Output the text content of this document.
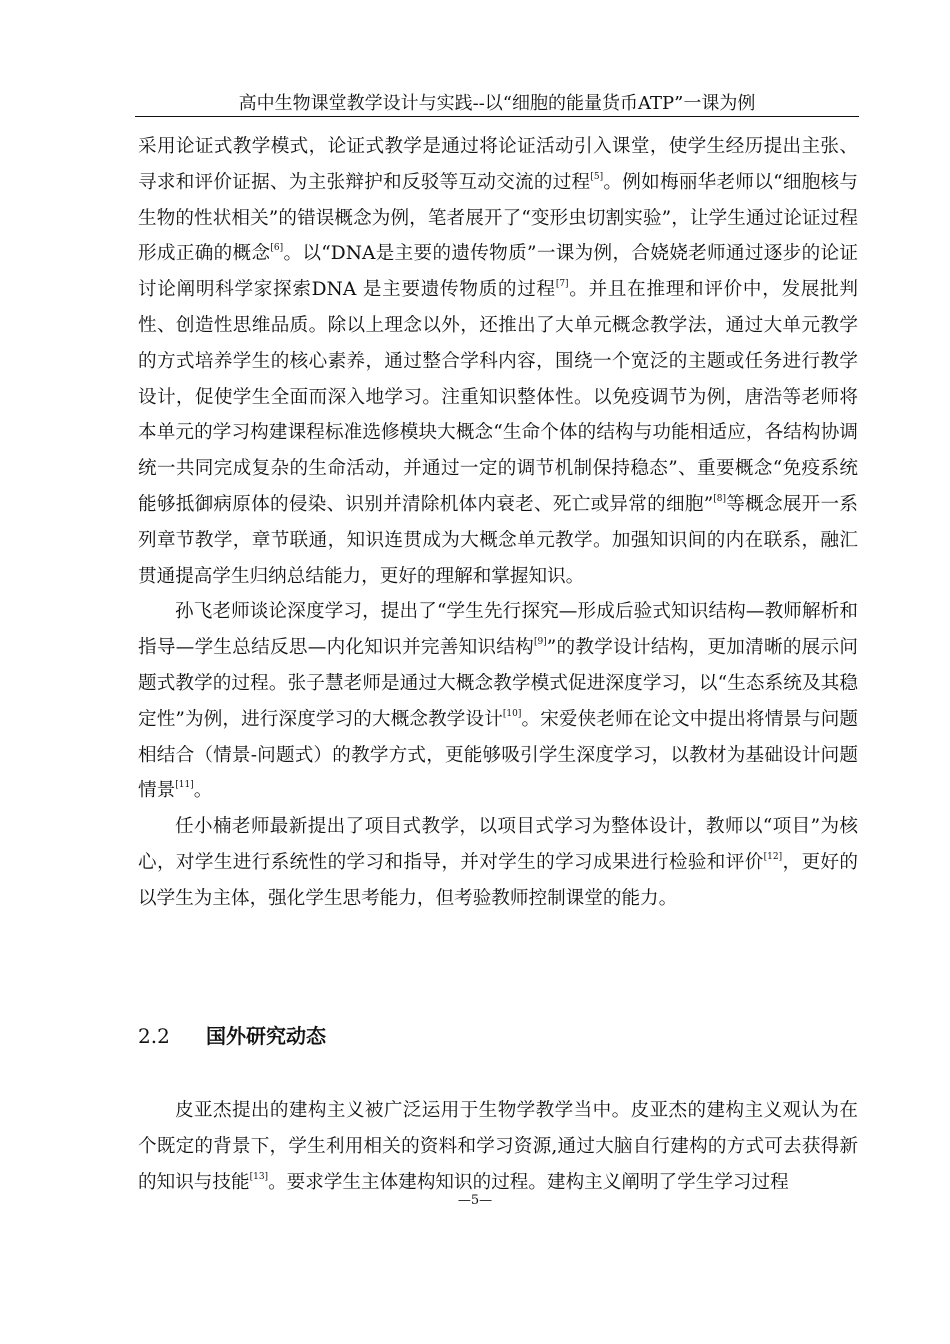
高中生物课堂教学设计与实践--以“细胞的能量货币ATP”一课为例

采用论证式教学模式，论证式教学是通过将论证活动引入课堂，使学生经历提出主张、寻求和评价证据、为主张辩护和反驳等互动交流的过程[5]。例如梅丽华老师以“细胞核与生物的性状相关”的错误概念为例，笔者展开了“变形虫切割实验”，让学生通过论证过程形成正确的概念[6]。以“DNA是主要的遗传物质”一课为例，合娆娆老师通过逐步的论证讨论阐明科学家探索DNA 是主要遗传物质的过程[7]。并且在推理和评价中，发展批判性、创造性思维品质。除以上理念以外，还推出了大单元概念教学法，通过大单元教学的方式培养学生的核心素养，通过整合学科内容，围绕一个宽泛的主题或任务进行教学设计，促使学生全面而深入地学习。注重知识整体性。以免疫调节为例，唐浩等老师将本单元的学习构建课程标准选修模块大概念“生命个体的结构与功能相适应，各结构协调统一共同完成复杂的生命活动，并通过一定的调节机制保持稳态”、重要概念“免疫系统能够抵御病原体的侵染、识别并清除机体内衰老、死亡或异常的细胞”[8]等概念展开一系列章节教学，章节联通，知识连贯成为大概念单元教学。加强知识间的内在联系，融汇贯通提高学生归纳总结能力，更好的理解和掌握知识。

孙飞老师谈论深度学习，提出了“学生先行探究—形成后验式知识结构—教师解析和指导—学生总结反思—内化知识并完善知识结构[9]”的教学设计结构，更加清晰的展示问题式教学的过程。张子慧老师是通过大概念教学模式促进深度学习，以“生态系统及其稳定性”为例，进行深度学习的大概念教学设计[10]。宋爱侠老师在论文中提出将情景与问题相结合（情景-问题式）的教学方式，更能够吸引学生深度学习，以教材为基础设计问题情景[11]。

任小楠老师最新提出了项目式教学，以项目式学习为整体设计，教师以“项目”为核心，对学生进行系统性的学习和指导，并对学生的学习成果进行检验和评价[12]，更好的以学生为主体，强化学生思考能力，但考验教师控制课堂的能力。

2.2 国外研究动态

皮亚杰提出的建构主义被广泛运用于生物学教学当中。皮亚杰的建构主义观认为在个既定的背景下，学生利用相关的资料和学习资源,通过大脑自行建构的方式可去获得新的知识与技能[13]。要求学生主体建构知识的过程。建构主义阐明了学生学习过程

—5—
